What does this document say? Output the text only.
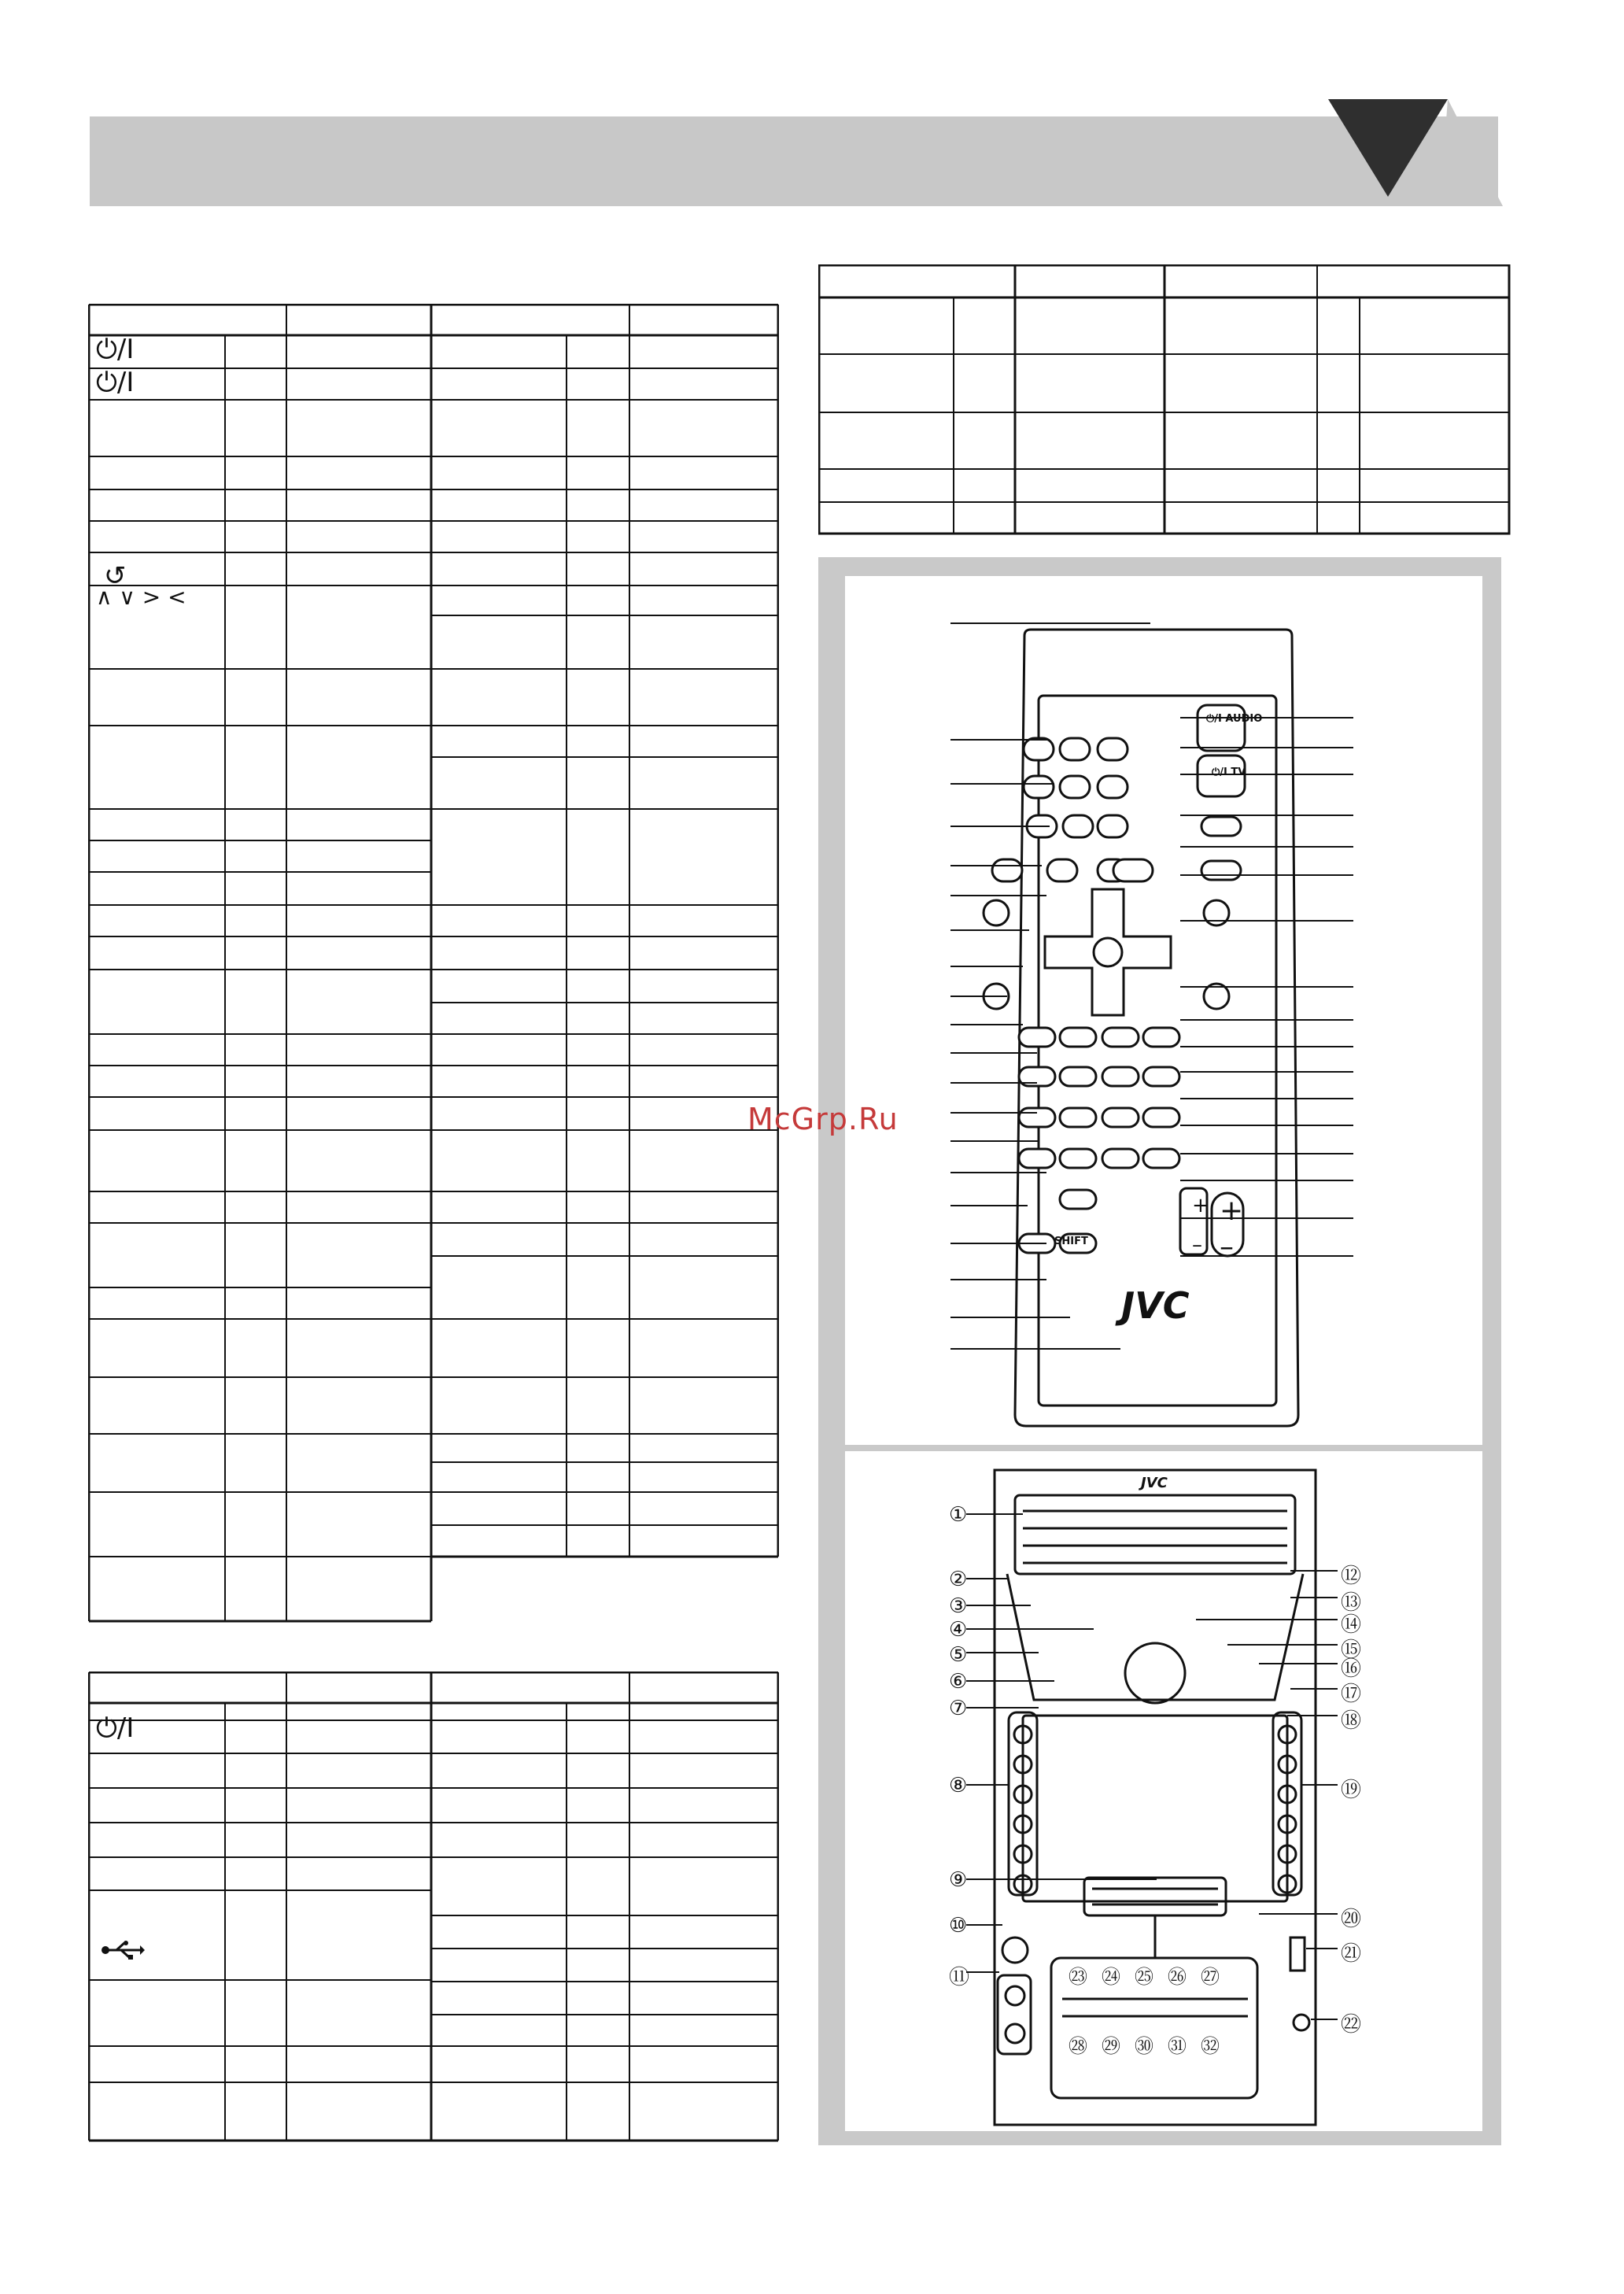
⏻/I
⏻/I
↺
∧ ∨ > <
⏻/I
+
–
+
–
⏻/I AUDIO
⏻/I TV
SHIFT
JVC
McGrp.Ru
JVC
①
②
③
④
⑤
⑥
⑦
⑧
⑨
⑩
⑪
⑫
⑬
⑭
⑮
⑯
⑰
⑱
⑲
⑳
㉑
㉒
㉓
㉘
㉔
㉙
㉕
㉚
㉖
㉛
㉗
㉜
